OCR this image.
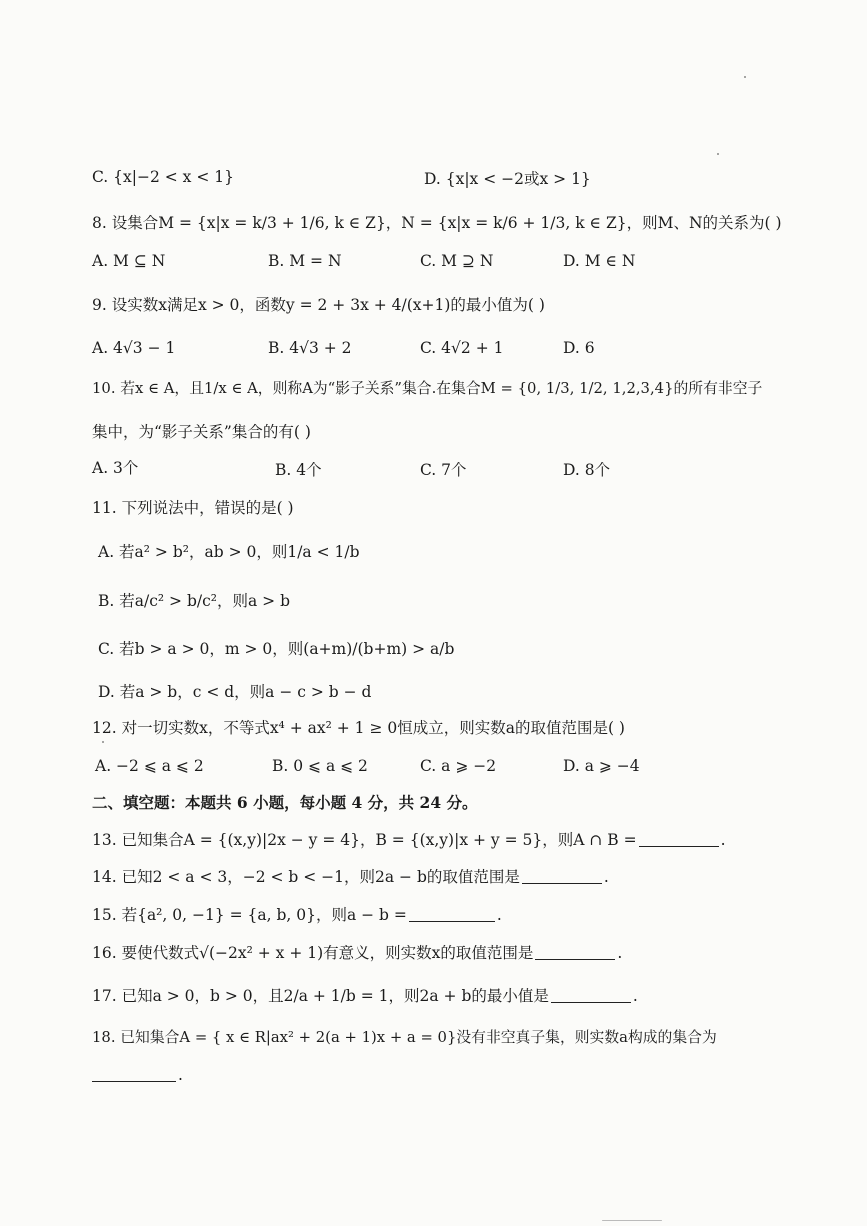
C. {x|−2 < x < 1}	D. {x|x < −2或x > 1}
8. 设集合M = {x|x = k/3 + 1/6, k ∈ Z}，N = {x|x = k/6 + 1/3, k ∈ Z}，则M、N的关系为( )
A. M ⊆ N	B. M = N	C. M ⊇ N	D. M ∈ N
9. 设实数x满足x > 0，函数y = 2 + 3x + 4/(x+1)的最小值为( )
A. 4√3 − 1	B. 4√3 + 2	C. 4√2 + 1	D. 6
10. 若x ∈ A，且1/x ∈ A，则称A为“影子关系”集合.在集合M = {0, 1/3, 1/2, 1,2,3,4}的所有非空子
集中，为“影子关系”集合的有( )
A. 3个	B. 4个	C. 7个	D. 8个
11. 下列说法中，错误的是( )
A. 若a² > b²，ab > 0，则1/a < 1/b
B. 若a/c² > b/c²，则a > b
C. 若b > a > 0，m > 0，则(a+m)/(b+m) > a/b
D. 若a > b，c < d，则a − c > b − d
12. 对一切实数x，不等式x⁴ + ax² + 1 ≥ 0恒成立，则实数a的取值范围是( )
A. −2 ⩽ a ⩽ 2	B. 0 ⩽ a ⩽ 2	C. a ⩾ −2	D. a ⩾ −4
二、填空题：本题共 6 小题，每小题 4 分，共 24 分。
13. 已知集合A = {(x,y)|2x − y = 4}，B = {(x,y)|x + y = 5}，则A ∩ B =	.
14. 已知2 < a < 3，−2 < b < −1，则2a − b的取值范围是	.
15. 若{a², 0, −1} = {a, b, 0}，则a − b =	.
16. 要使代数式√(−2x² + x + 1)有意义，则实数x的取值范围是	.
17. 已知a > 0，b > 0，且2/a + 1/b = 1，则2a + b的最小值是	.
18. 已知集合A = { x ∈ R|ax² + 2(a + 1)x + a = 0}没有非空真子集，则实数a构成的集合为
.
